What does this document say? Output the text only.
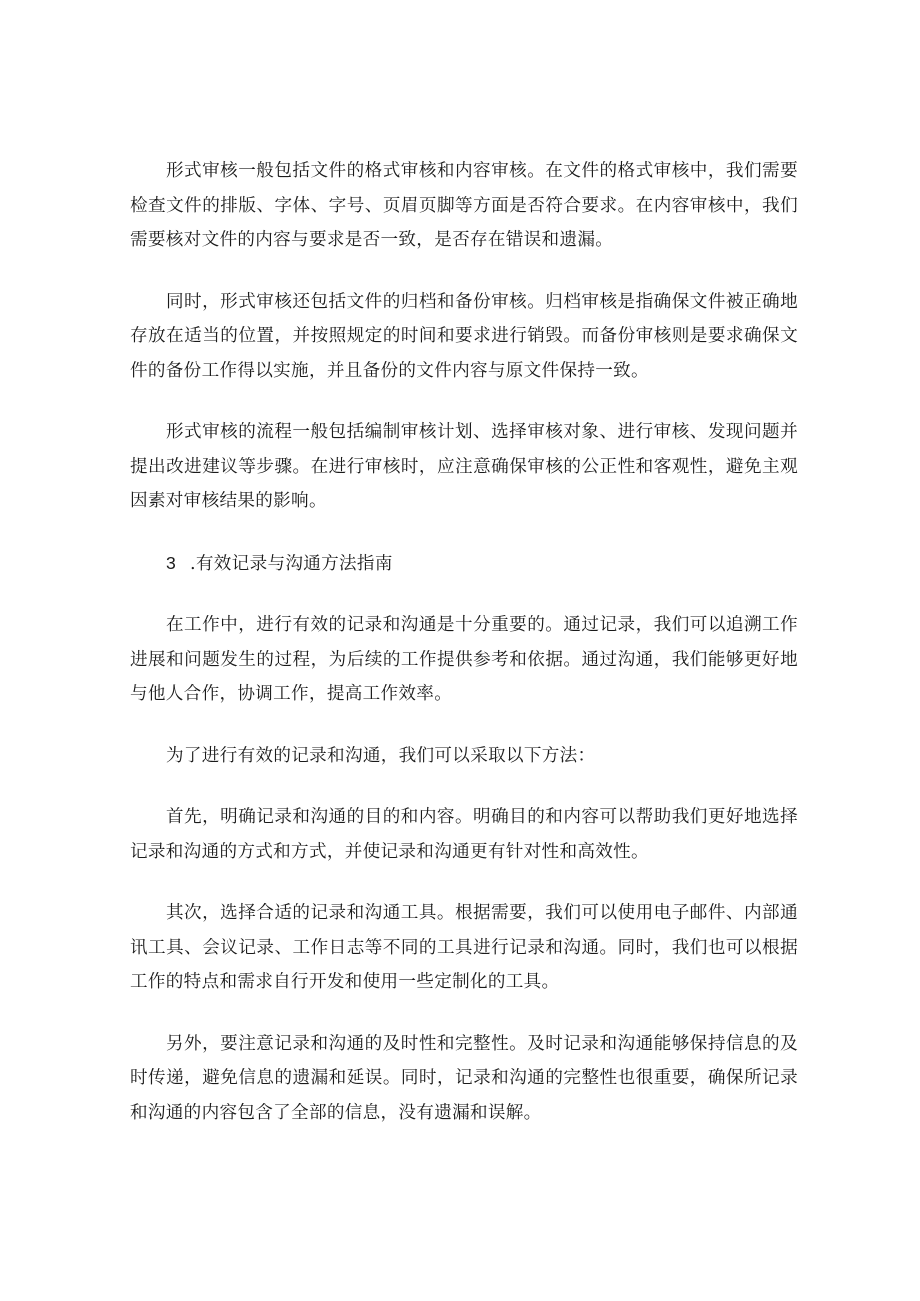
形式审核一般包括文件的格式审核和内容审核。在文件的格式审核中，我们需要检查文件的排版、字体、字号、页眉页脚等方面是否符合要求。在内容审核中，我们需要核对文件的内容与要求是否一致，是否存在错误和遗漏。

同时，形式审核还包括文件的归档和备份审核。归档审核是指确保文件被正确地存放在适当的位置，并按照规定的时间和要求进行销毁。而备份审核则是要求确保文件的备份工作得以实施，并且备份的文件内容与原文件保持一致。

形式审核的流程一般包括编制审核计划、选择审核对象、进行审核、发现问题并提出改进建议等步骤。在进行审核时，应注意确保审核的公正性和客观性，避免主观因素对审核结果的影响。

3 .有效记录与沟通方法指南

在工作中，进行有效的记录和沟通是十分重要的。通过记录，我们可以追溯工作进展和问题发生的过程，为后续的工作提供参考和依据。通过沟通，我们能够更好地与他人合作，协调工作，提高工作效率。

为了进行有效的记录和沟通，我们可以采取以下方法：

首先，明确记录和沟通的目的和内容。明确目的和内容可以帮助我们更好地选择记录和沟通的方式和方式，并使记录和沟通更有针对性和高效性。

其次，选择合适的记录和沟通工具。根据需要，我们可以使用电子邮件、内部通讯工具、会议记录、工作日志等不同的工具进行记录和沟通。同时，我们也可以根据工作的特点和需求自行开发和使用一些定制化的工具。

另外，要注意记录和沟通的及时性和完整性。及时记录和沟通能够保持信息的及时传递，避免信息的遗漏和延误。同时，记录和沟通的完整性也很重要，确保所记录和沟通的内容包含了全部的信息，没有遗漏和误解。
